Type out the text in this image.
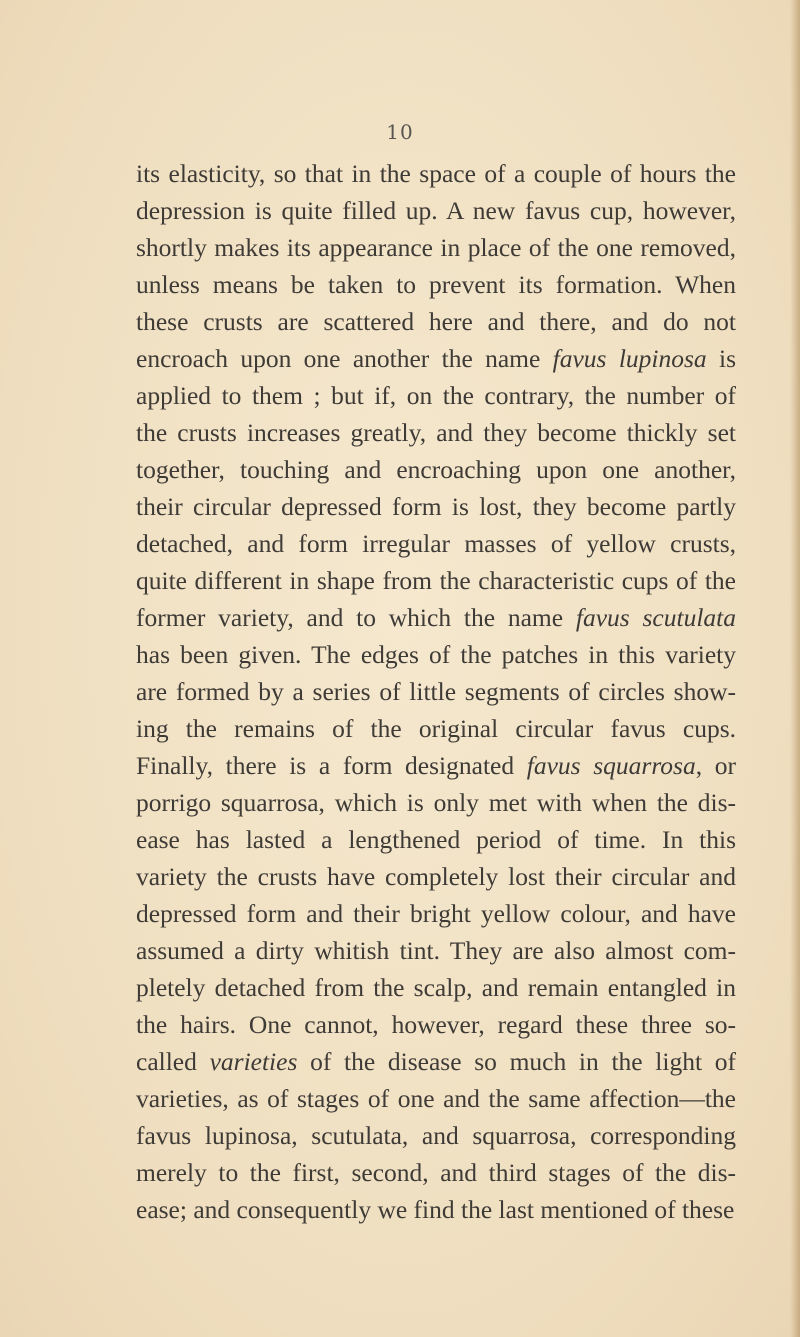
10
its elasticity, so that in the space of a couple of hours the
depression is quite filled up. A new favus cup, however,
shortly makes its appearance in place of the one removed,
unless means be taken to prevent its formation. When
these crusts are scattered here and there, and do not
encroach upon one another the name favus lupinosa is
applied to them ; but if, on the contrary, the number of
the crusts increases greatly, and they become thickly set
together, touching and encroaching upon one another,
their circular depressed form is lost, they become partly
detached, and form irregular masses of yellow crusts,
quite different in shape from the characteristic cups of the
former variety, and to which the name favus scutulata
has been given. The edges of the patches in this variety
are formed by a series of little segments of circles show-
ing the remains of the original circular favus cups.
Finally, there is a form designated favus squarrosa, or
porrigo squarrosa, which is only met with when the dis-
ease has lasted a lengthened period of time. In this
variety the crusts have completely lost their circular and
depressed form and their bright yellow colour, and have
assumed a dirty whitish tint. They are also almost com-
pletely detached from the scalp, and remain entangled in
the hairs. One cannot, however, regard these three so-
called varieties of the disease so much in the light of
varieties, as of stages of one and the same affection—the
favus lupinosa, scutulata, and squarrosa, corresponding
merely to the first, second, and third stages of the dis-
ease; and consequently we find the last mentioned of these
